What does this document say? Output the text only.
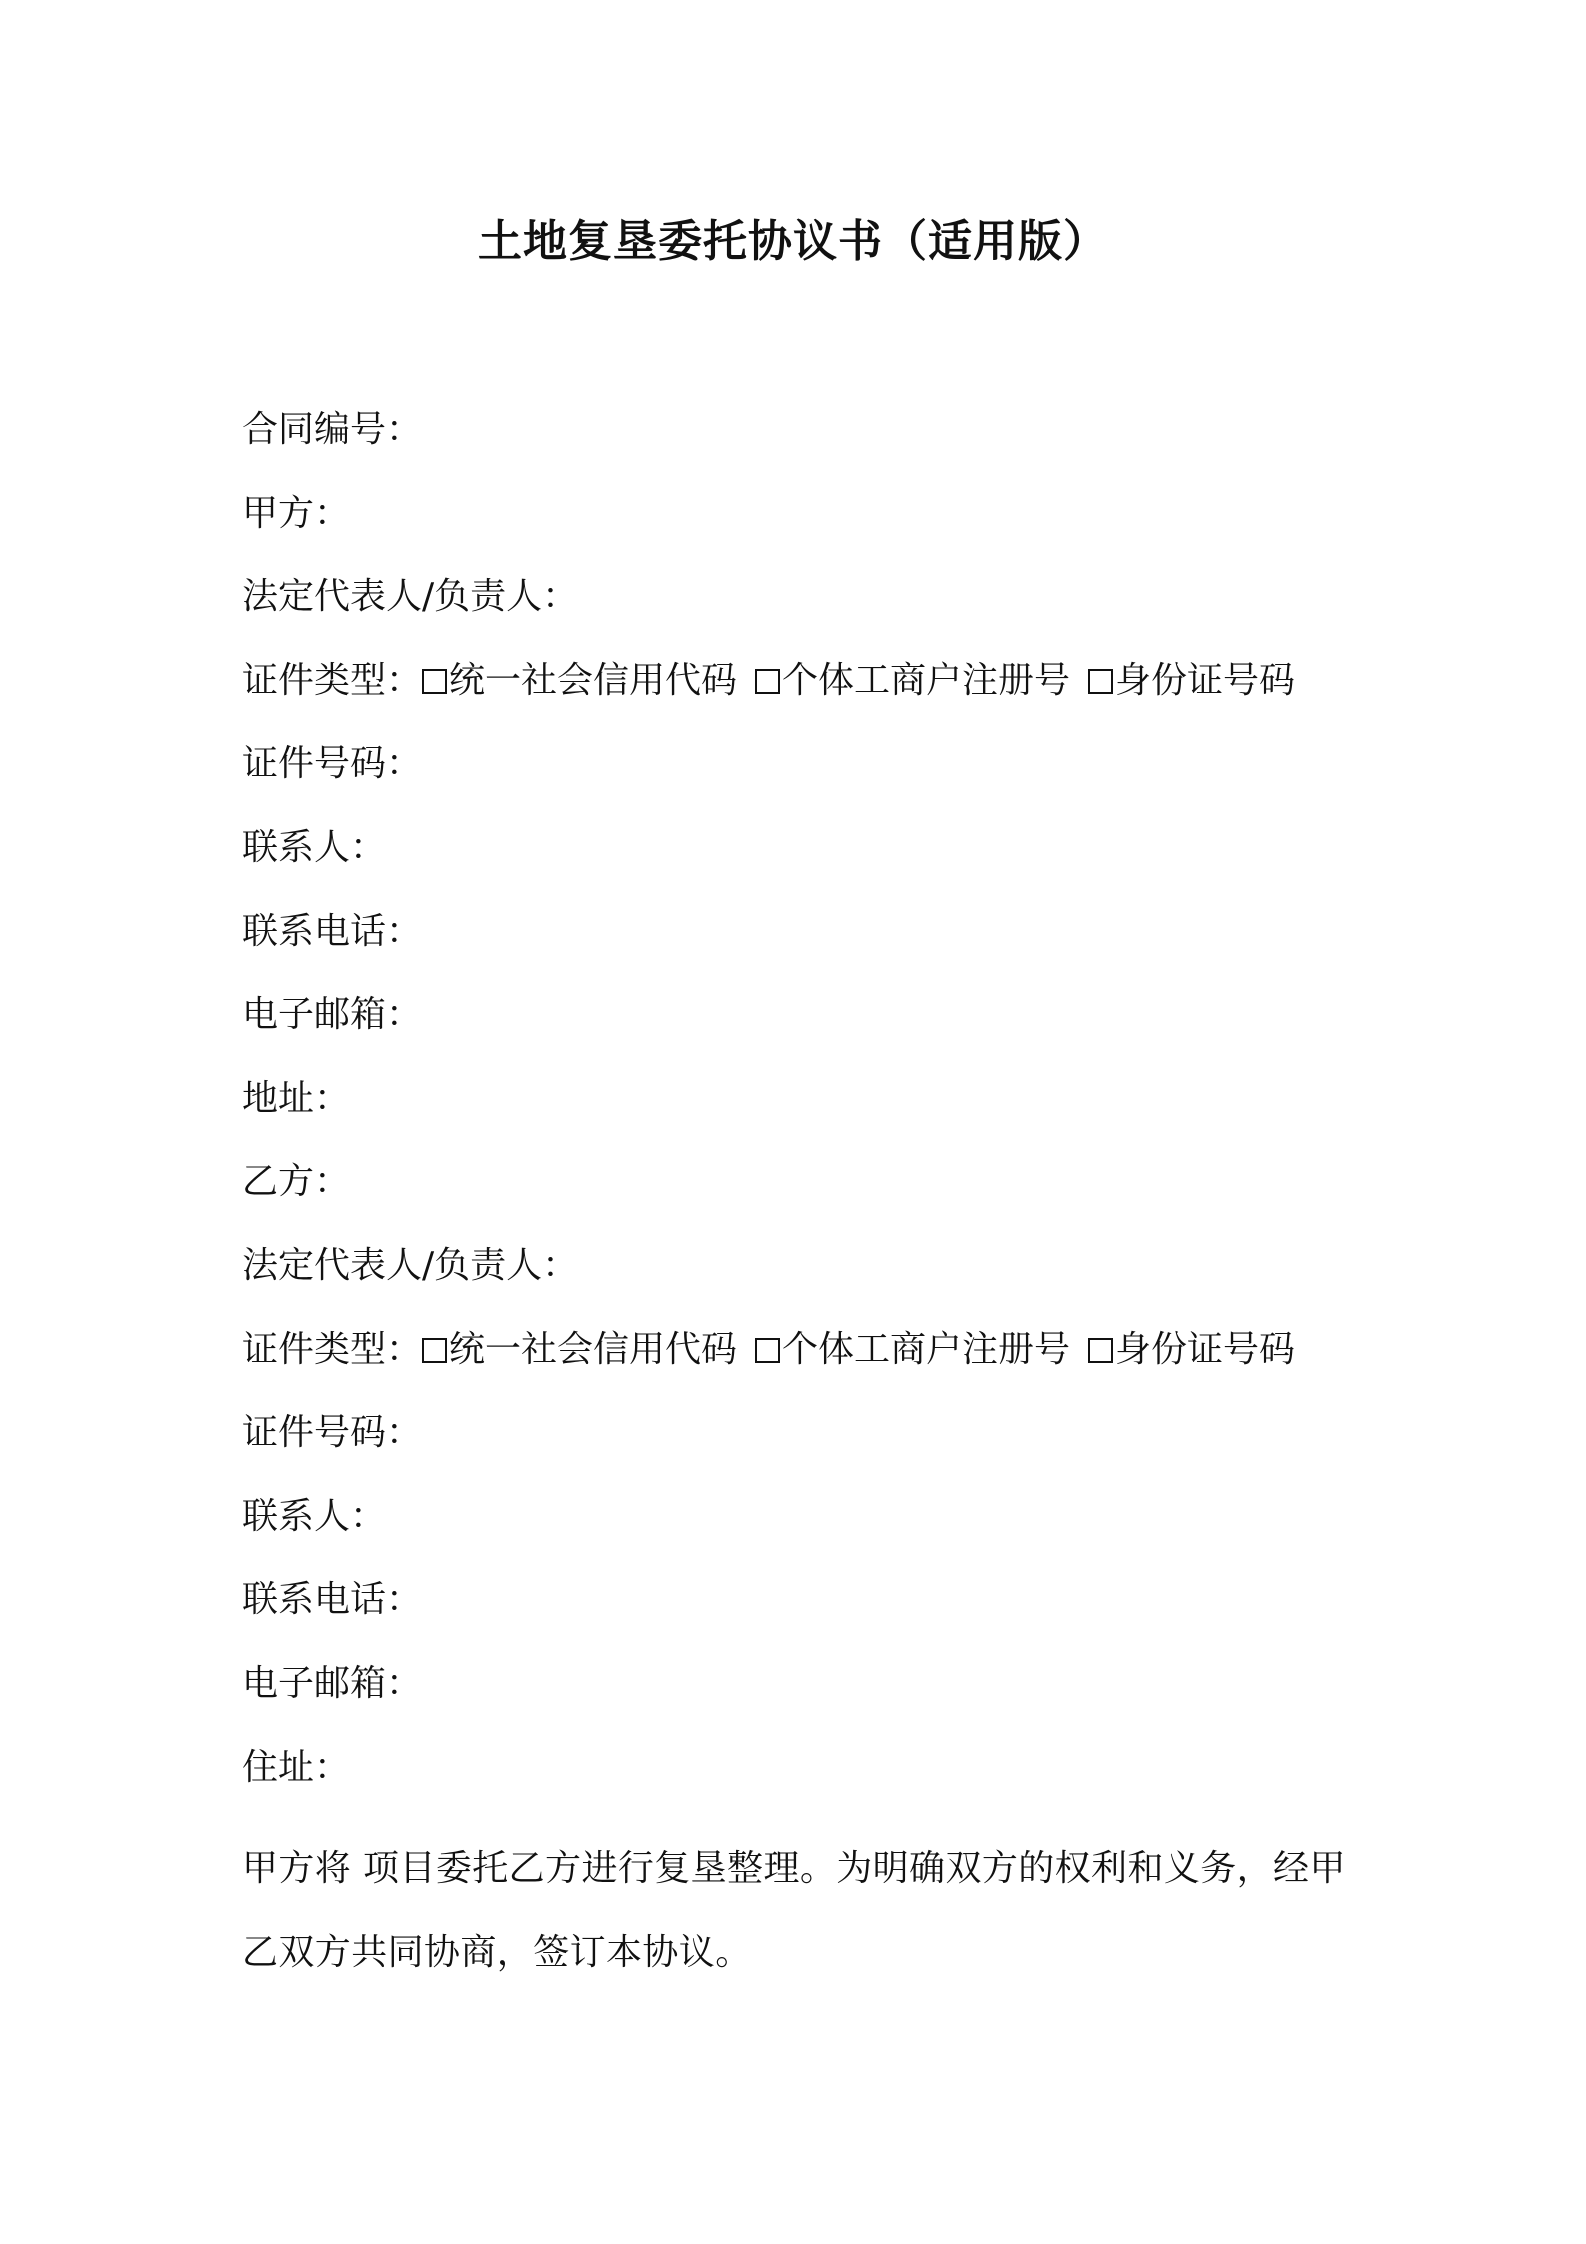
土地复垦委托协议书（适用版）
合同编号：
甲方：
法定代表人/负责人：
证件类型： 统一社会信用代码 个体工商户注册号 身份证号码
证件号码：
联系人：
联系电话：
电子邮箱：
地址：
乙方：
法定代表人/负责人：
证件类型： 统一社会信用代码 个体工商户注册号 身份证号码
证件号码：
联系人：
联系电话：
电子邮箱：
住址：

甲方将 项目委托乙方进行复垦整理。为明确双方的权利和义务，经甲乙双方共同协商，签订本协议。
